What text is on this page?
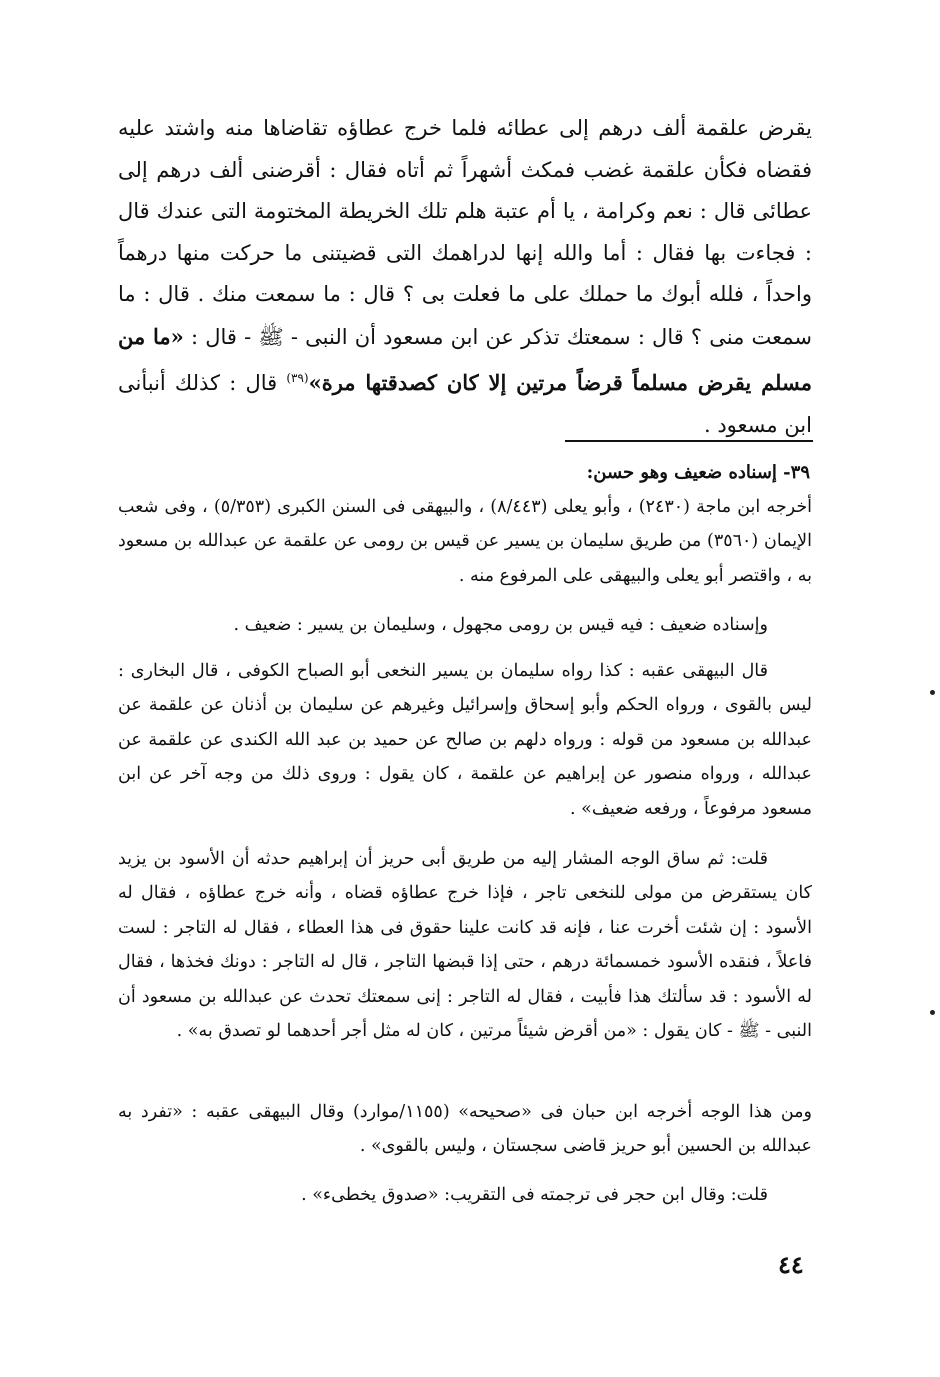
يقرض علقمة ألف درهم إلى عطائه فلما خرج عطاؤه تقاضاها منه واشتد عليه فقضاه فكأن علقمة غضب فمكث أشهراً ثم أتاه فقال : أقرضنى ألف درهم إلى عطائى قال : نعم وكرامة ، يا أم عتبة هلم تلك الخريطة المختومة التى عندك قال : فجاءت بها فقال : أما والله إنها لدراهمك التى قضيتنى ما حركت منها درهماً واحداً ، فلله أبوك ما حملك على ما فعلت بى ؟ قال : ما سمعت منك . قال : ما سمعت منى ؟ قال : سمعتك تذكر عن ابن مسعود أن النبى - ﷺ - قال : «ما من مسلم يقرض مسلماً قرضاً مرتين إلا كان كصدقتها مرة»$^{(٣٩)}$ قال : كذلك أنبأنى ابن مسعود .

٣٩- إسناده ضعيف وهو حسن:

أخرجه ابن ماجة (٢٤٣٠) ، وأبو يعلى (٨/٤٤٣) ، والبيهقى فى السنن الكبرى (٥/٣٥٣) ، وفى شعب الإيمان (٣٥٦٠) من طريق سليمان بن يسير عن قيس بن رومى عن علقمة عن عبدالله بن مسعود به ، واقتصر أبو يعلى والبيهقى على المرفوع منه .

وإسناده ضعيف : فيه قيس بن رومى مجهول ، وسليمان بن يسير : ضعيف .

قال البيهقى عقبه : كذا رواه سليمان بن يسير النخعى أبو الصباح الكوفى ، قال البخارى : ليس بالقوى ، ورواه الحكم وأبو إسحاق وإسرائيل وغيرهم عن سليمان بن أذنان عن علقمة عن عبدالله بن مسعود من قوله : ورواه دلهم بن صالح عن حميد بن عبد الله الكندى عن علقمة عن عبدالله ، ورواه منصور عن إبراهيم عن علقمة ، كان يقول : وروى ذلك من وجه آخر عن ابن مسعود مرفوعاً ، ورفعه ضعيف» .

قلت: ثم ساق الوجه المشار إليه من طريق أبى حريز أن إبراهيم حدثه أن الأسود بن يزيد كان يستقرض من مولى للنخعى تاجر ، فإذا خرج عطاؤه قضاه ، وأنه خرج عطاؤه ، فقال له الأسود : إن شئت أخرت عنا ، فإنه قد كانت علينا حقوق فى هذا العطاء ، فقال له التاجر : لست فاعلاً ، فنقده الأسود خمسمائة درهم ، حتى إذا قبضها التاجر ، قال له التاجر : دونك فخذها ، فقال له الأسود : قد سألتك هذا فأبيت ، فقال له التاجر : إنى سمعتك تحدث عن عبدالله بن مسعود أن النبى - ﷺ - كان يقول : «من أقرض شيئاً مرتين ، كان له مثل أجر أحدهما لو تصدق به» .

ومن هذا الوجه أخرجه ابن حبان فى «صحيحه» (١١٥٥/موارد) وقال البيهقى عقبه : «تفرد به عبدالله بن الحسين أبو حريز قاضى سجستان ، وليس بالقوى» .

قلت: وقال ابن حجر فى ترجمته فى التقريب: «صدوق يخطىء» .

٤٤
